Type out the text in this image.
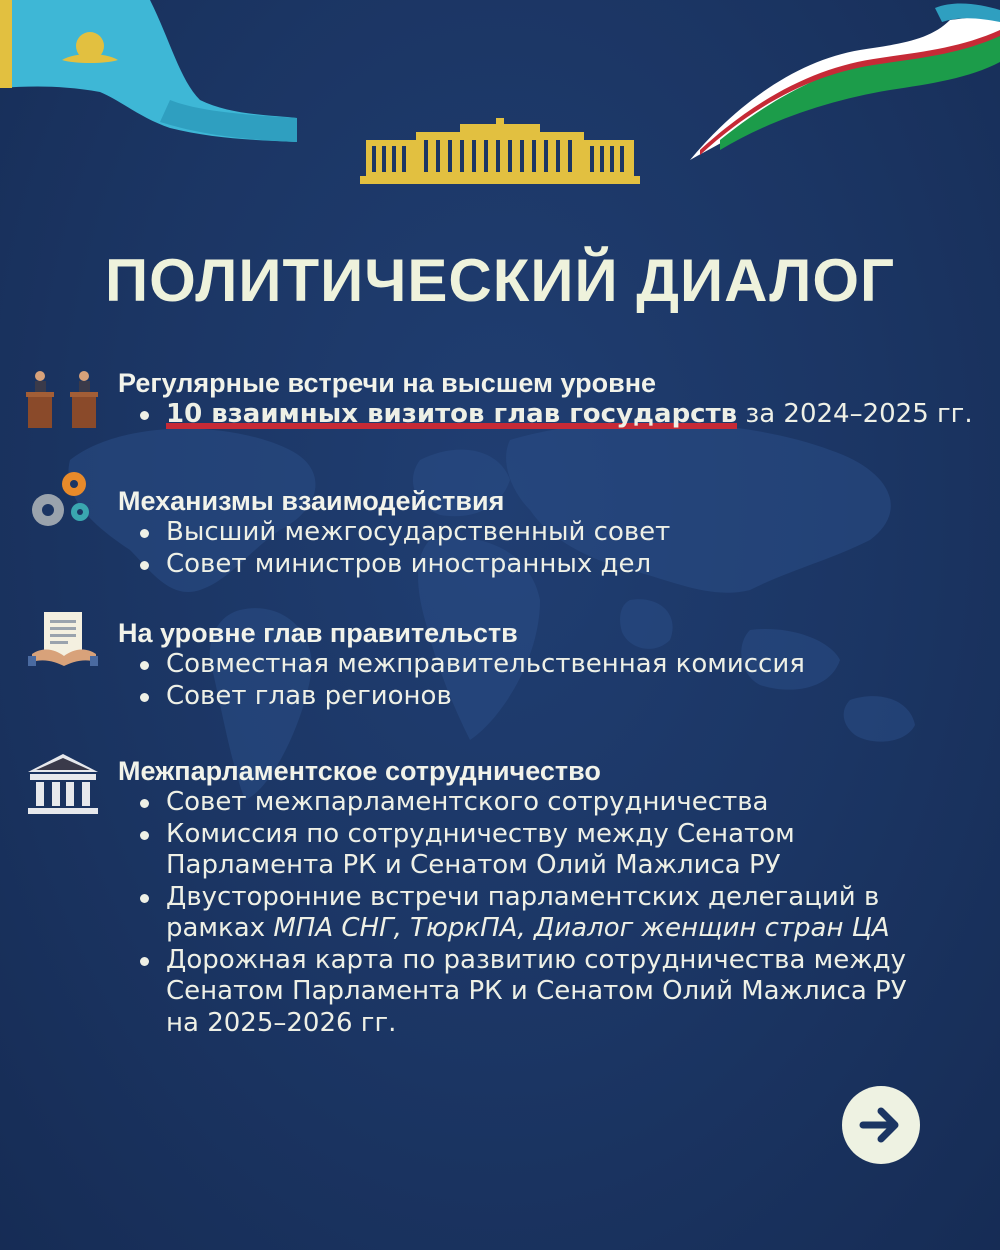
ПОЛИТИЧЕСКИЙ ДИАЛОГ
Регулярные встречи на высшем уровне
10 взаимных визитов глав государств за 2024–2025 гг.
Механизмы взаимодействия
Высший межгосударственный совет
Совет министров иностранных дел
На уровне глав правительств
Совместная межправительственная комиссия
Совет глав регионов
Межпарламентское сотрудничество
Совет межпарламентского сотрудничества
Комиссия по сотрудничеству между Сенатом
Парламента РК и Сенатом Олий Мажлиса РУ
Двусторонние встречи парламентских делегаций в
рамках МПА СНГ, ТюркПА, Диалог женщин стран ЦА
Дорожная карта по развитию сотрудничества между
Сенатом Парламента РК и Сенатом Олий Мажлиса РУ
на 2025–2026 гг.
